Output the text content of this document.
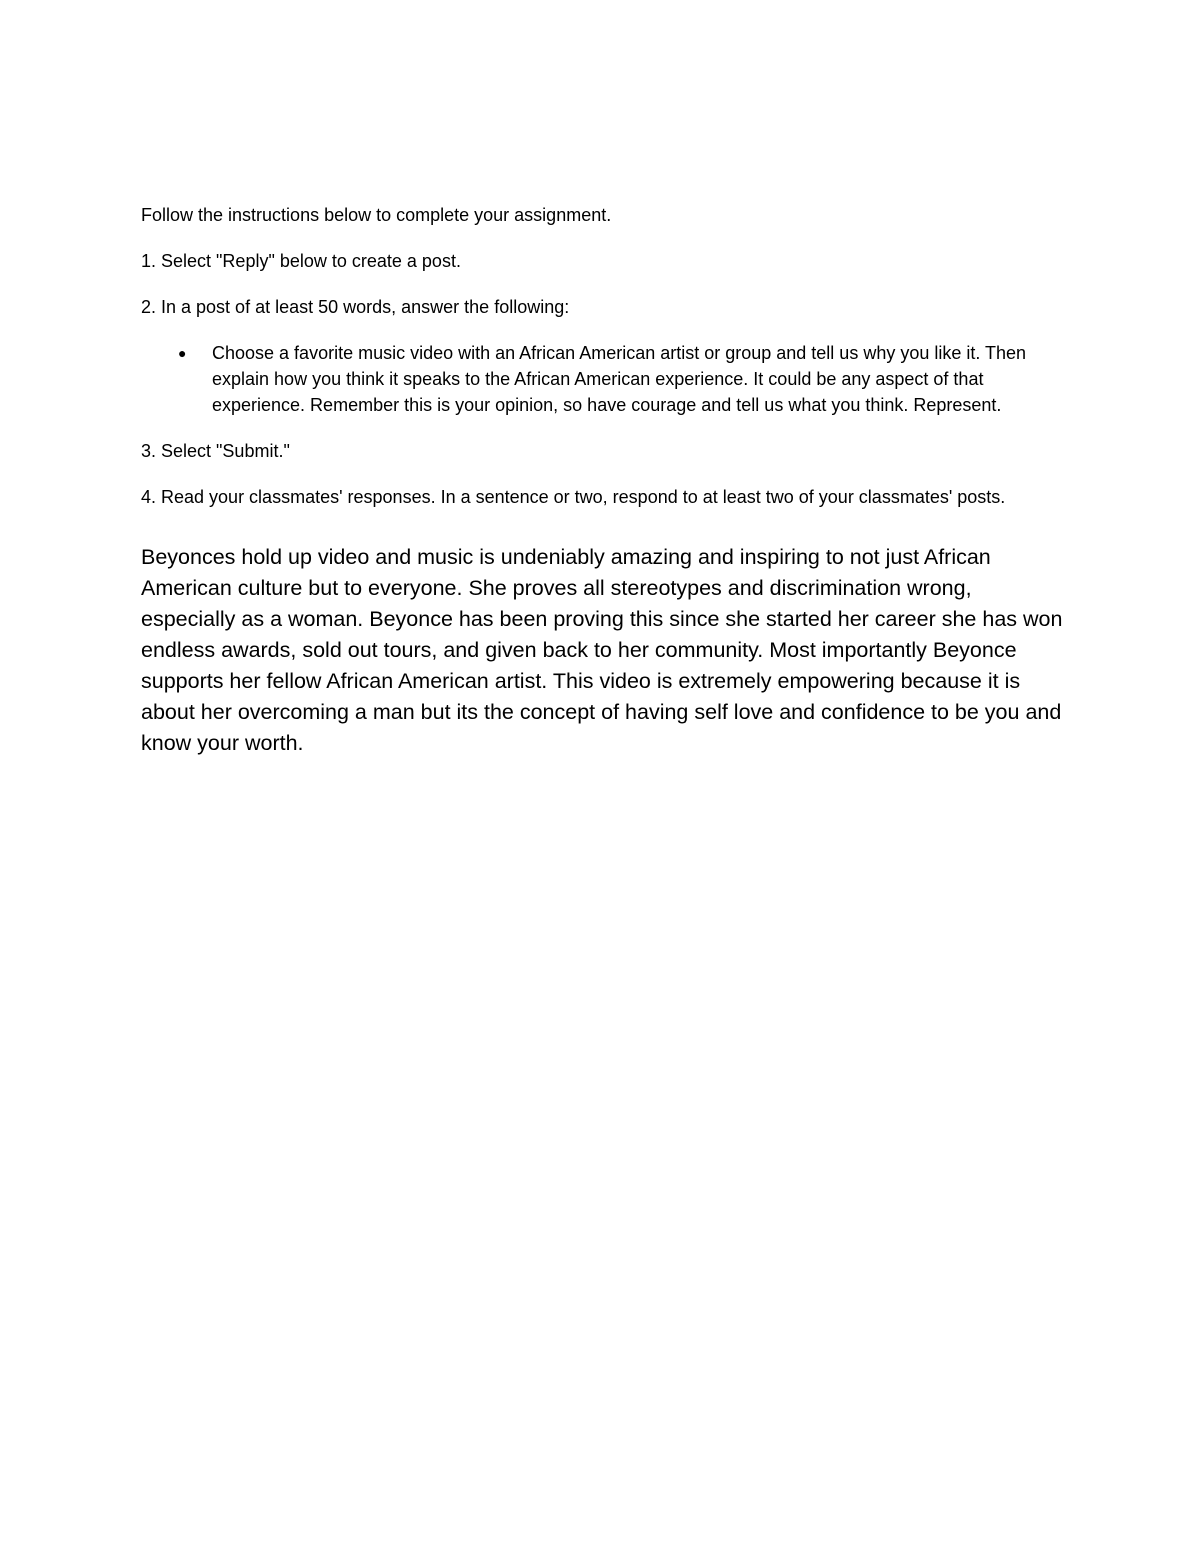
Follow the instructions below to complete your assignment.

1. Select "Reply" below to create a post.

2. In a post of at least 50 words, answer the following:

● Choose a favorite music video with an African American artist or group and tell us why you like it. Then explain how you think it speaks to the African American experience. It could be any aspect of that experience. Remember this is your opinion, so have courage and tell us what you think. Represent.

3. Select "Submit."

4. Read your classmates' responses. In a sentence or two, respond to at least two of your classmates' posts.

Beyonces hold up video and music is undeniably amazing and inspiring to not just African American culture but to everyone. She proves all stereotypes and discrimination wrong, especially as a woman. Beyonce has been proving this since she started her career she has won endless awards, sold out tours, and given back to her community. Most importantly Beyonce supports her fellow African American artist. This video is extremely empowering because it is about her overcoming a man but its the concept of having self love and confidence to be you and know your worth.
